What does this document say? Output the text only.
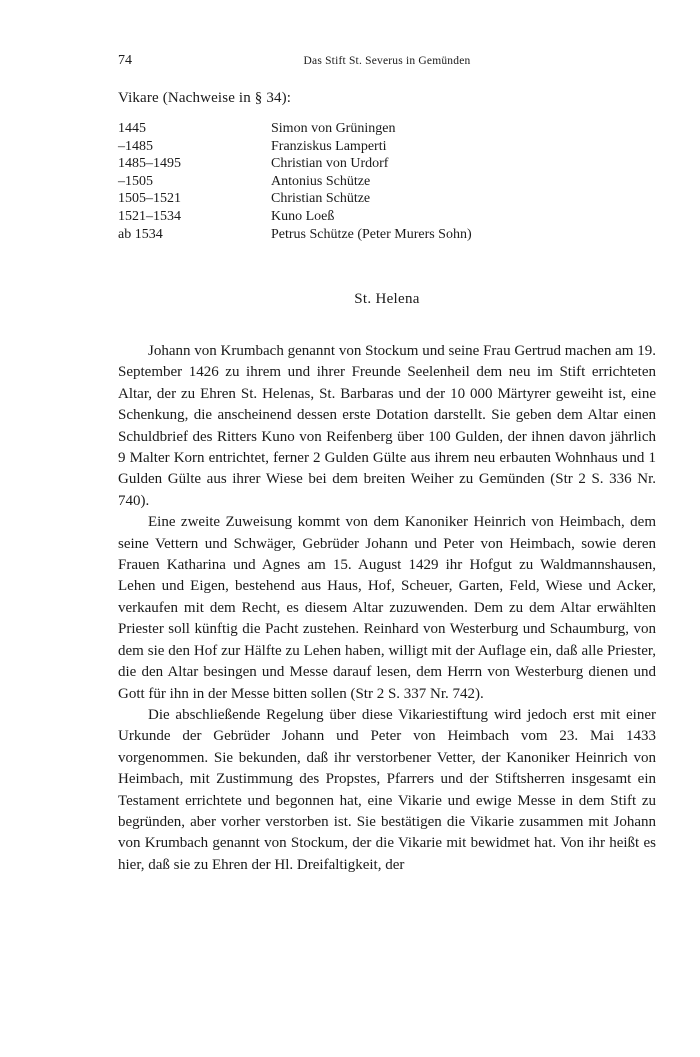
74	Das Stift St. Severus in Gemünden
Vikare (Nachweise in § 34):
1445	Simon von Grüningen
–1485	Franziskus Lamperti
1485–1495	Christian von Urdorf
–1505	Antonius Schütze
1505–1521	Christian Schütze
1521–1534	Kuno Loeß
ab 1534	Petrus Schütze (Peter Murers Sohn)
St. Helena

Johann von Krumbach genannt von Stockum und seine Frau Gertrud machen am 19. September 1426 zu ihrem und ihrer Freunde Seelenheil dem neu im Stift errichteten Altar, der zu Ehren St. Helenas, St. Barbaras und der 10 000 Märtyrer geweiht ist, eine Schenkung, die anscheinend dessen erste Dotation darstellt. Sie geben dem Altar einen Schuldbrief des Ritters Kuno von Reifenberg über 100 Gulden, der ihnen davon jährlich 9 Malter Korn entrichtet, ferner 2 Gulden Gülte aus ihrem neu erbauten Wohnhaus und 1 Gulden Gülte aus ihrer Wiese bei dem breiten Weiher zu Gemünden (Str 2 S. 336 Nr. 740).

Eine zweite Zuweisung kommt von dem Kanoniker Heinrich von Heimbach, dem seine Vettern und Schwäger, Gebrüder Johann und Peter von Heimbach, sowie deren Frauen Katharina und Agnes am 15. August 1429 ihr Hofgut zu Waldmannshausen, Lehen und Eigen, bestehend aus Haus, Hof, Scheuer, Garten, Feld, Wiese und Acker, verkaufen mit dem Recht, es diesem Altar zuzuwenden. Dem zu dem Altar erwählten Priester soll künftig die Pacht zustehen. Reinhard von Westerburg und Schaumburg, von dem sie den Hof zur Hälfte zu Lehen haben, willigt mit der Auflage ein, daß alle Priester, die den Altar besingen und Messe darauf lesen, dem Herrn von Westerburg dienen und Gott für ihn in der Messe bitten sollen (Str 2 S. 337 Nr. 742).

Die abschließende Regelung über diese Vikariestiftung wird jedoch erst mit einer Urkunde der Gebrüder Johann und Peter von Heimbach vom 23. Mai 1433 vorgenommen. Sie bekunden, daß ihr verstorbener Vetter, der Kanoniker Heinrich von Heimbach, mit Zustimmung des Propstes, Pfarrers und der Stiftsherren insgesamt ein Testament errichtete und begonnen hat, eine Vikarie und ewige Messe in dem Stift zu begründen, aber vorher verstorben ist. Sie bestätigen die Vikarie zusammen mit Johann von Krumbach genannt von Stockum, der die Vikarie mit bewidmet hat. Von ihr heißt es hier, daß sie zu Ehren der Hl. Dreifaltigkeit, der
